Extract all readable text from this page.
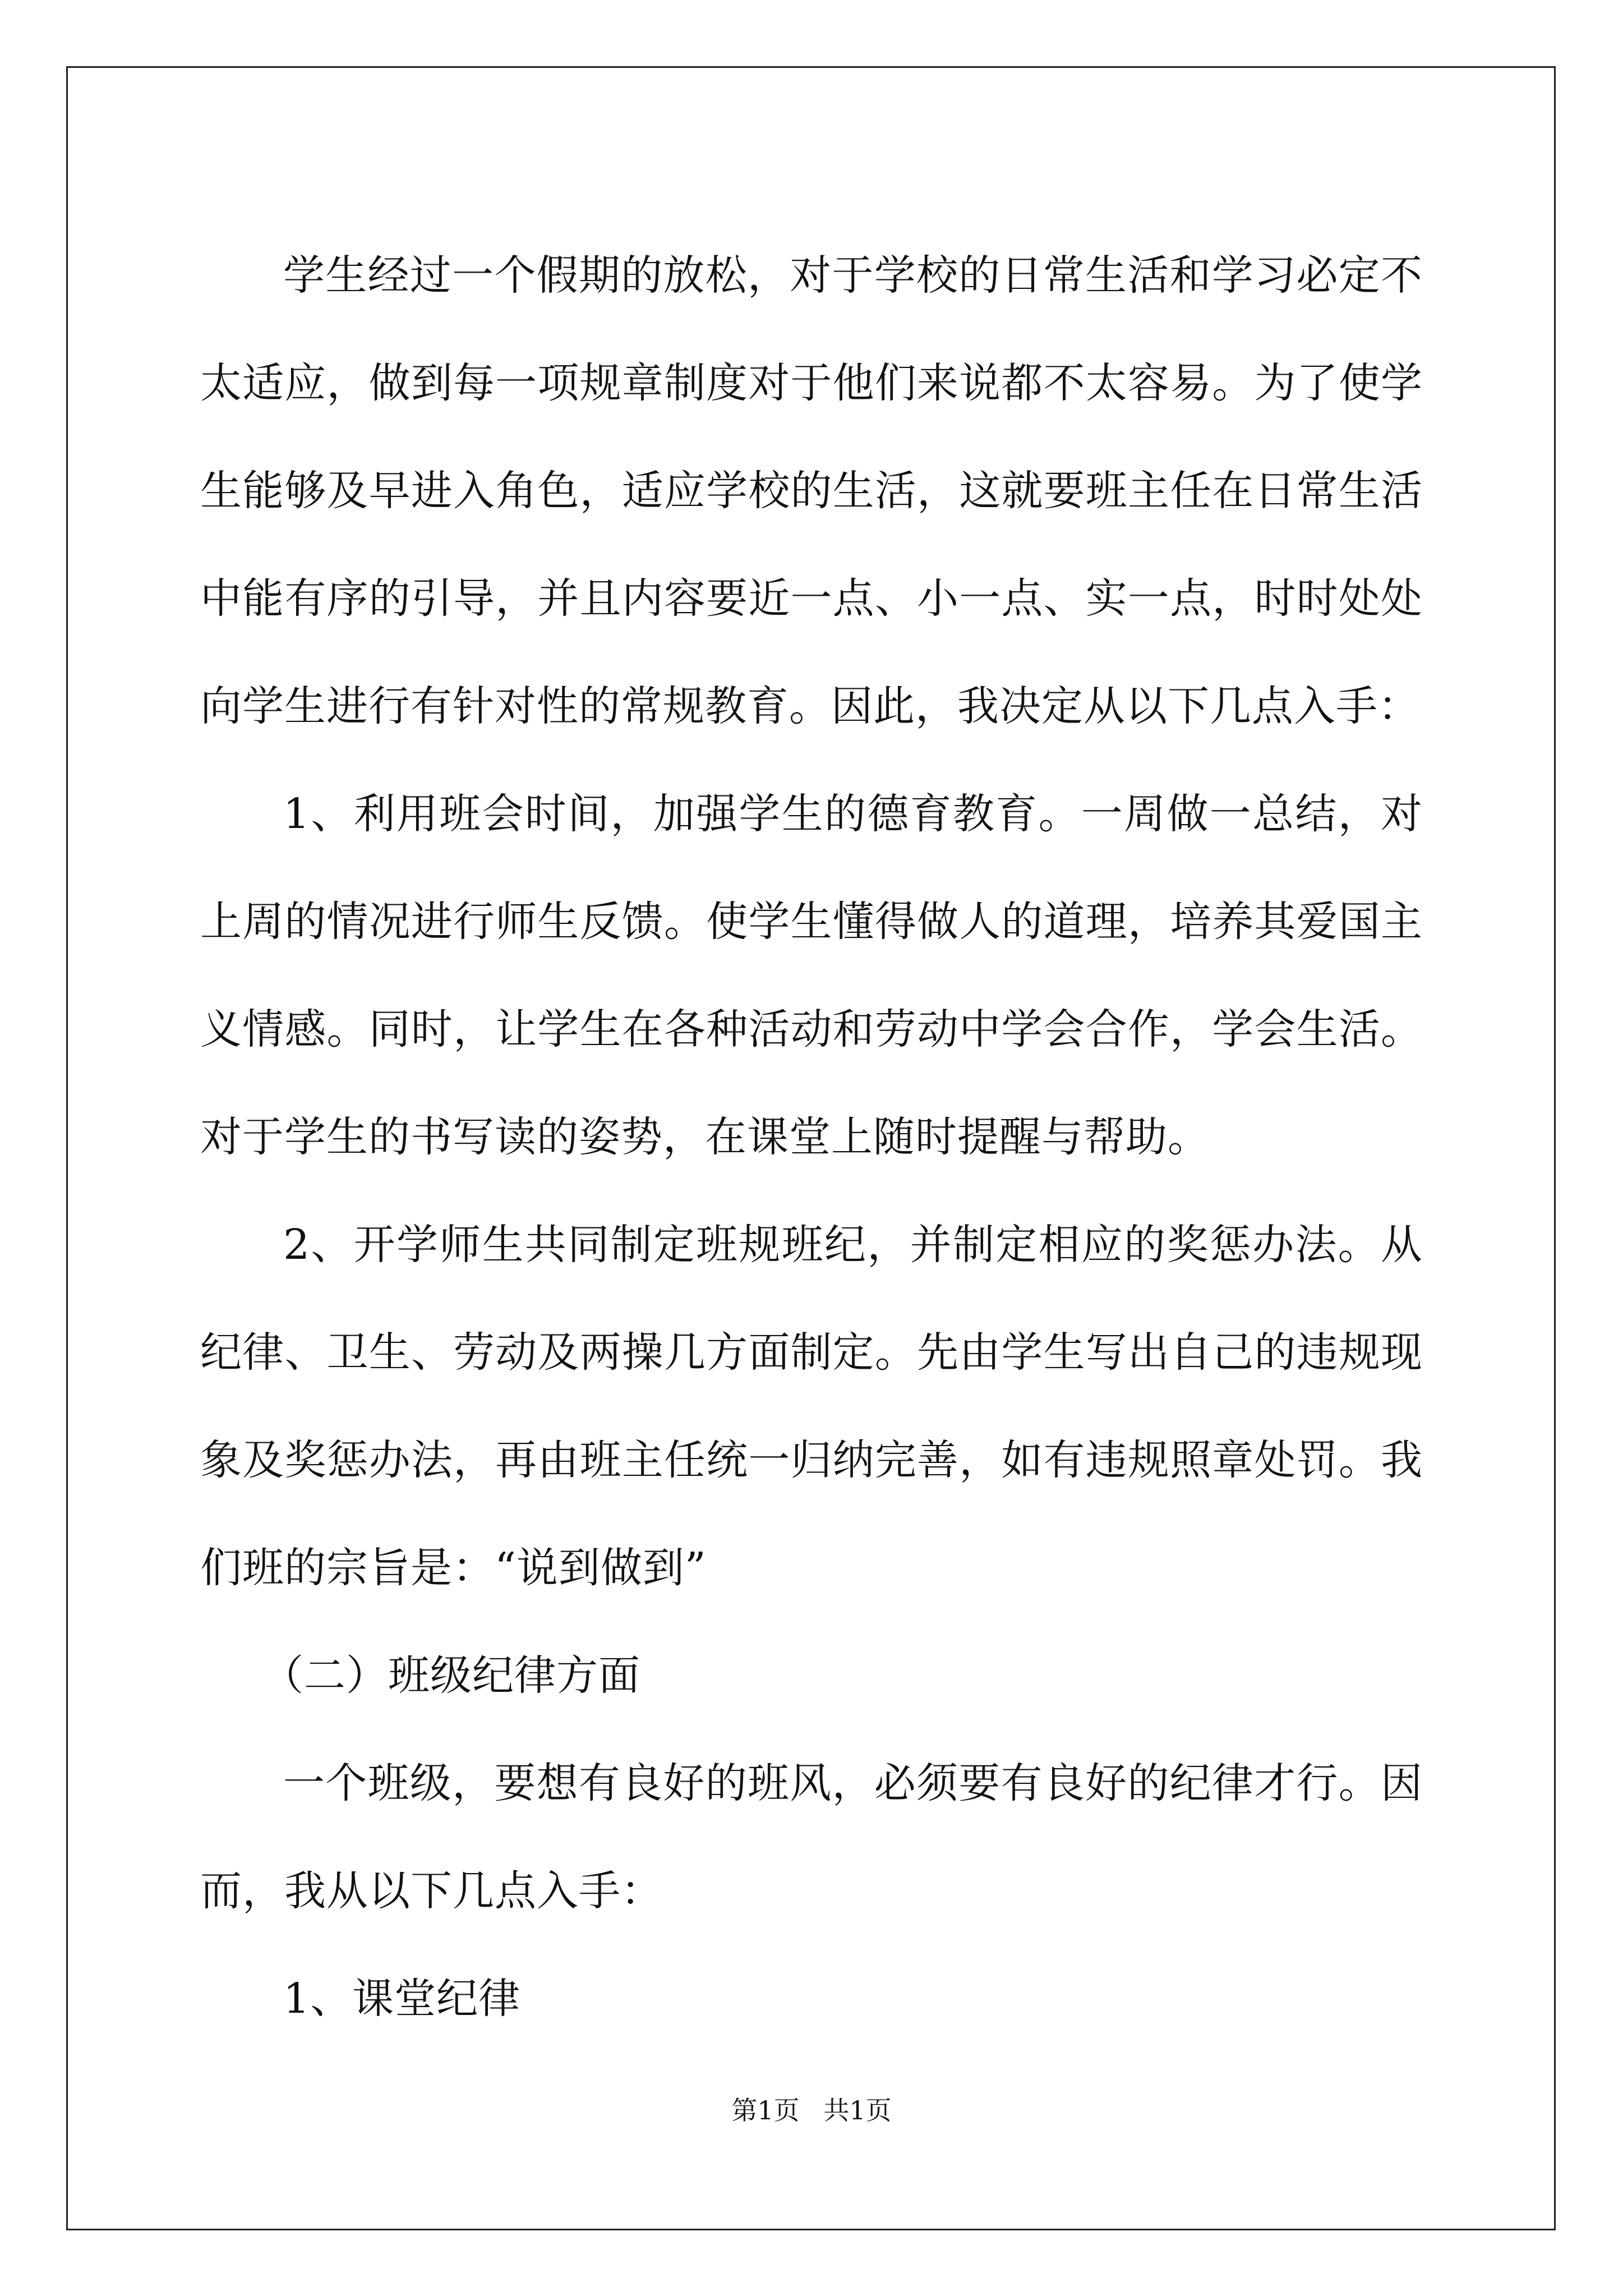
学生经过一个假期的放松，对于学校的日常生活和学习必定不太适应，做到每一项规章制度对于他们来说都不太容易。为了使学生能够及早进入角色，适应学校的生活，这就要班主任在日常生活中能有序的引导，并且内容要近一点、小一点、实一点，时时处处向学生进行有针对性的常规教育。因此，我决定从以下几点入手：

1、利用班会时间，加强学生的德育教育。一周做一总结，对上周的情况进行师生反馈。使学生懂得做人的道理，培养其爱国主义情感。同时，让学生在各种活动和劳动中学会合作，学会生活。对于学生的书写读的姿势，在课堂上随时提醒与帮助。

2、开学师生共同制定班规班纪，并制定相应的奖惩办法。从纪律、卫生、劳动及两操几方面制定。先由学生写出自己的违规现象及奖惩办法，再由班主任统一归纳完善，如有违规照章处罚。我们班的宗旨是：“说到做到”

（二）班级纪律方面

一个班级，要想有良好的班风，必须要有良好的纪律才行。因而，我从以下几点入手：

1、课堂纪律

第1页 共1页
